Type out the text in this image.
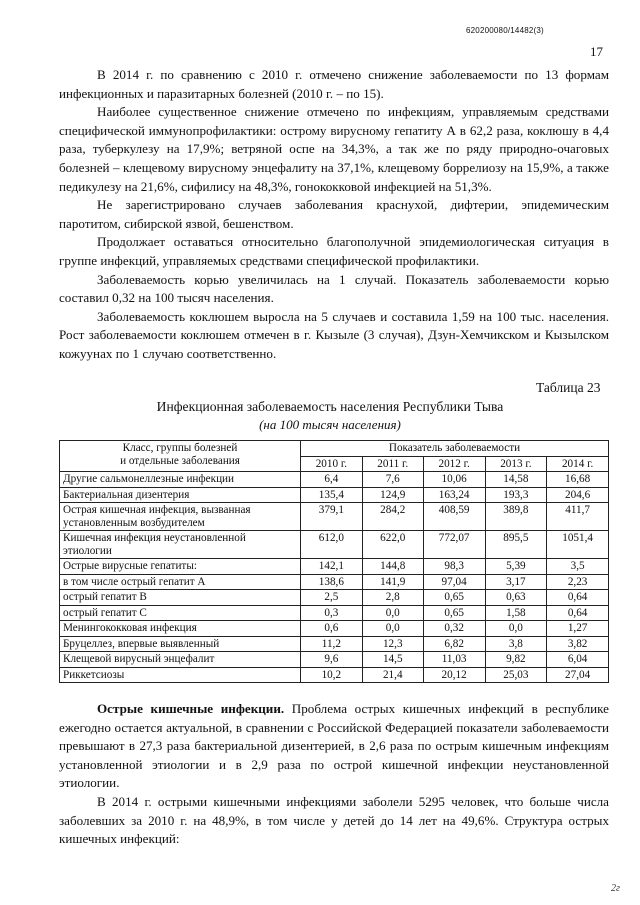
620200080/14482(3)
17

В 2014 г. по сравнению с 2010 г. отмечено снижение заболеваемости по 13 формам инфекционных и паразитарных болезней (2010 г. – по 15).

Наиболее существенное снижение отмечено по инфекциям, управляемым средствами специфической иммунопрофилактики: острому вирусному гепатиту А в 62,2 раза, коклюшу в 4,4 раза, туберкулезу на 17,9%; ветряной оспе на 34,3%, а так же по ряду природно-очаговых болезней – клещевому вирусному энцефалиту на 37,1%, клещевому боррелиозу на 15,9%, а также педикулезу на 21,6%, сифилису на 48,3%, гонококковой инфекцией на 51,3%.

Не зарегистрировано случаев заболевания краснухой, дифтерии, эпидемическим паротитом, сибирской язвой, бешенством.

Продолжает оставаться относительно благополучной эпидемиологическая ситуация в группе инфекций, управляемых средствами специфической профилактики.

Заболеваемость корью увеличилась на 1 случай. Показатель заболеваемости корью составил 0,32 на 100 тысяч населения.

Заболеваемость коклюшем выросла на 5 случаев и составила 1,59 на 100 тыс. населения. Рост заболеваемости коклюшем отмечен в г. Кызыле (3 случая), Дзун-Хемчикском и Кызылском кожуунах по 1 случаю соответственно.

Таблица 23
Инфекционная заболеваемость населения Республики Тыва
(на 100 тысяч населения)
Класс, группы болезней
и отдельные заболевания	Показатель заболеваемости				
	2010 г.	2011 г.	2012 г.	2013 г.	2014 г.
Другие сальмонеллезные инфекции	6,4	7,6	10,06	14,58	16,68
Бактериальная дизентерия	135,4	124,9	163,24	193,3	204,6
Острая кишечная инфекция, вызванная установленным возбудителем	379,1	284,2	408,59	389,8	411,7
Кишечная инфекция неустановленной этиологии	612,0	622,0	772,07	895,5	1051,4
Острые вирусные гепатиты:	142,1	144,8	98,3	5,39	3,5
в том числе острый гепатит А	138,6	141,9	97,04	3,17	2,23
острый гепатит В	2,5	2,8	0,65	0,63	0,64
острый гепатит С	0,3	0,0	0,65	1,58	0,64
Менингококковая инфекция	0,6	0,0	0,32	0,0	1,27
Бруцеллез, впервые выявленный	11,2	12,3	6,82	3,8	3,82
Клещевой вирусный энцефалит	9,6	14,5	11,03	9,82	6,04
Риккетсиозы	10,2	21,4	20,12	25,03	27,04

Острые кишечные инфекции. Проблема острых кишечных инфекций в республике ежегодно остается актуальной, в сравнении с Российской Федерацией показатели заболеваемости превышают в 27,3 раза бактериальной дизентерией, в 2,6 раза по острым кишечным инфекциям установленной этиологии и в 2,9 раза по острой кишечной инфекции неустановленной этиологии.

В 2014 г. острыми кишечными инфекциями заболели 5295 человек, что больше числа заболевших за 2010 г. на 48,9%, в том числе у детей до 14 лет на 49,6%. Структура острых кишечных инфекций:

2г
